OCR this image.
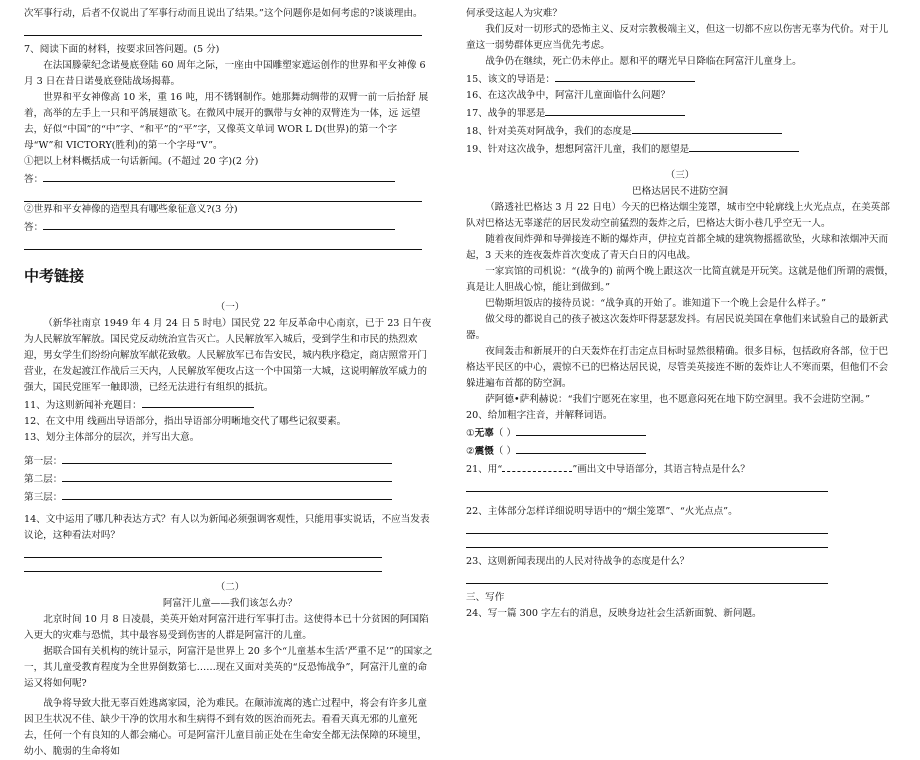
次军事行动，后者不仅说出了军事行动而且说出了结果。”这个问题你是如何考虑的?谈谈理由。

7、阅读下面的材料，按要求回答问题。(5 分)

在法国滕蒙纪念诺曼底登陆 60 周年之际，一座由中国雕塑家遮运创作的世界和平女神像 6 月 3 日在昔日诺曼底登陆战场揭幕。

世界和平女神像高 10 米，重 16 吨，用不锈钢制作。她那舞动绸带的双臂一前一后抬舒 展着，高举的左手上一只和平鸽展翅欲飞。在微风中展开的飘带与女神的双臂连为一体，远 远望去，好似“中国”的“中”字、“和平”的“平”字，又像英文单词 WOR L D(世界)的第一个字母“W”和 VICTORY(胜利)的第一个字母“V”。

①把以上材料概括成一句话新闻。(不超过 20 字)(2 分)

答：

②世界和平女神像的造型具有哪些象征意义?(3 分)

答：

中考链接

（一）

（新华社南京 1949 年 4 月 24 日 5 时电）国民党 22 年反革命中心南京，已于 23 日午夜为人民解放军解放。国民党反动统治宣告灭亡。人民解放军入城后，受到学生和市民的热烈欢迎，男女学生们纷纷向解放军献花致敬。人民解放军已布告安民，城内秩序稳定，商店照常开门营业，在发起渡江作战后三天内，人民解放军便攻占这一个中国第一大城，这说明解放军威力的强大，国民党匪军一触即溃，已经无法进行有组织的抵抗。

11、为这则新闻补充题目：

12、在文中用 线画出导语部分，指出导语部分明晰地交代了哪些记叙要素。

13、划分主体部分的层次，并写出大意。

第一层：

第二层：

第三层：

14、文中运用了哪几种表达方式？有人以为新闻必须强调客观性，只能用事实说话，不应当发表议论，这种看法对吗？

（二）

阿富汗儿童——我们该怎么办？

北京时间 10 月 8 日凌晨，美英开始对阿富汗进行军事打击。这使得本已十分贫困的阿国陷入更大的灾难与恐慌，其中最容易受到伤害的人群是阿富汗的儿童。

据联合国有关机构的统计显示，阿富汗是世界上 20 多个“儿童基本生活‘严重不足’”的国家之一，其儿童受教育程度为全世界倒数第七……现在又面对美英的“反恐怖战争”，阿富汗儿童的命运又将如何呢?

战争将导致大批无辜百姓逃离家园，沦为难民。在颠沛流离的逃亡过程中，将会有许多儿童因卫生状况不佳、缺少干净的饮用水和生病得不到有效的医治而死去。看看天真无邪的儿童死去，任何一个有良知的人都会痛心。可是阿富汗儿童目前正处在生命安全都无法保障的环境里，幼小、脆弱的生命将如

何承受这起人为灾难？

我们反对一切形式的恐怖主义、反对宗教极端主义，但这一切都不应以伤害无辜为代价。对于儿童这一弱势群体更应当优先考虑。

战争仍在继续，死亡仍未停止。愿和平的曙光早日降临在阿富汗儿童身上。

15、该文的导语是：

16、在这次战争中，阿富汗儿童面临什么问题？

17、战争的罪恶是

18、针对美英对阿战争，我们的态度是

19、针对这次战争，想想阿富汗儿童，我们的愿望是

（三）

巴格达居民不进防空洞

（路透社巴格达 3 月 22 日电）今天的巴格达烟尘笼罩，城市空中轮廓线上火光点点，在美英部队对巴格达无辜遂茫的居民发动空前猛烈的轰炸之后，巴格达大街小巷几乎空无一人。

随着夜间炸弹和导弹接连不断的爆炸声，伊拉克首都全城的建筑物摇摇欲坠，火球和浓烟冲天而起，3 天来的连夜轰炸首次变成了青天白日的闪电战。

一家宾馆的司机说：“(战争的) 前两个晚上跟这次一比简直就是开玩笑。这就是他们所谓的震慑，真是让人胆战心惊，能让到做到。”

巴勒斯坦饭店的接待员说：“战争真的开始了。谁知道下一个晚上会是什么样子。”

做父母的都说自己的孩子被这次轰炸吓得瑟瑟发抖。有居民说美国在拿他们来试验自己的最新武器。

夜间轰击和新展开的白天轰炸在打击定点目标时显然很精确。很多目标，包括政府各部，位于巴格达平民区的中心，震惊不已的巴格达居民说，尽管美英接连不断的轰炸让人不寒而栗，但他们不会躲进遍布首都的防空洞。

萨阿德•萨利赫说：“我们宁愿死在家里，也不愿意闷死在地下防空洞里。我不会进防空洞。”

20、给加粗字注音，并解释词语。

①无辜（ ）

②震慑（ ）

21、用“	”画出文中导语部分，其语言特点是什么？

22、主体部分怎样详细说明导语中的“烟尘笼罩”、“火光点点”。

23、这则新闻表现出的人民对待战争的态度是什么？

三、写作

24、写一篇 300 字左右的消息，反映身边社会生活新面貌、新问题。
